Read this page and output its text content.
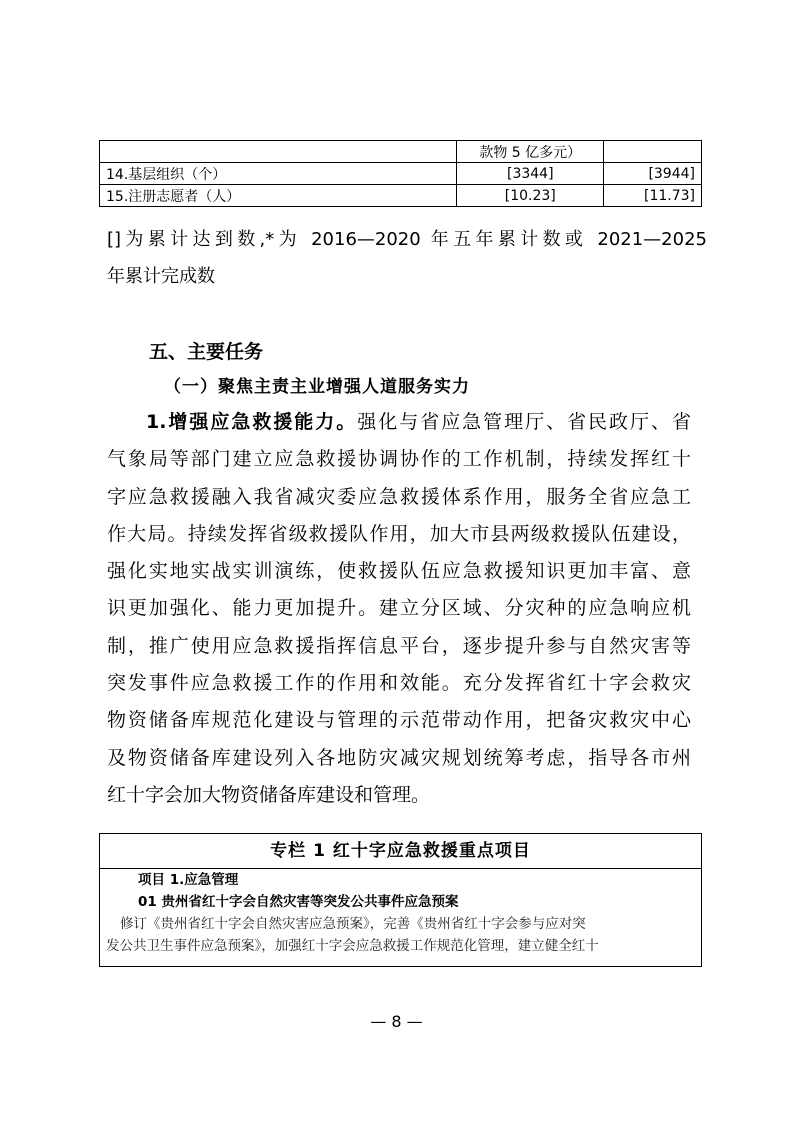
	款物 5 亿多元）	
14.基层组织（个）	[3344]	[3944]
15.注册志愿者（人）	[10.23]	[11.73]
[]为累计达到数,*为 2016—2020 年五年累计数或 2021—2025
年累计完成数
五、主要任务
（一）聚焦主责主业增强人道服务实力
1.增强应急救援能力。强化与省应急管理厅、省民政厅、省
气象局等部门建立应急救援协调协作的工作机制，持续发挥红十
字应急救援融入我省减灾委应急救援体系作用，服务全省应急工
作大局。持续发挥省级救援队作用，加大市县两级救援队伍建设，
强化实地实战实训演练，使救援队伍应急救援知识更加丰富、意
识更加强化、能力更加提升。建立分区域、分灾种的应急响应机
制，推广使用应急救援指挥信息平台，逐步提升参与自然灾害等
突发事件应急救援工作的作用和效能。充分发挥省红十字会救灾
物资储备库规范化建设与管理的示范带动作用，把备灾救灾中心
及物资储备库建设列入各地防灾减灾规划统筹考虑，指导各市州
红十字会加大物资储备库建设和管理。
专栏 1 红十字应急救援重点项目
项目 1.应急管理
01 贵州省红十字会自然灾害等突发公共事件应急预案
修订《贵州省红十字会自然灾害应急预案》，完善《贵州省红十字会参与应对突
发公共卫生事件应急预案》，加强红十字会应急救援工作规范化管理，建立健全红十
— 8 —
